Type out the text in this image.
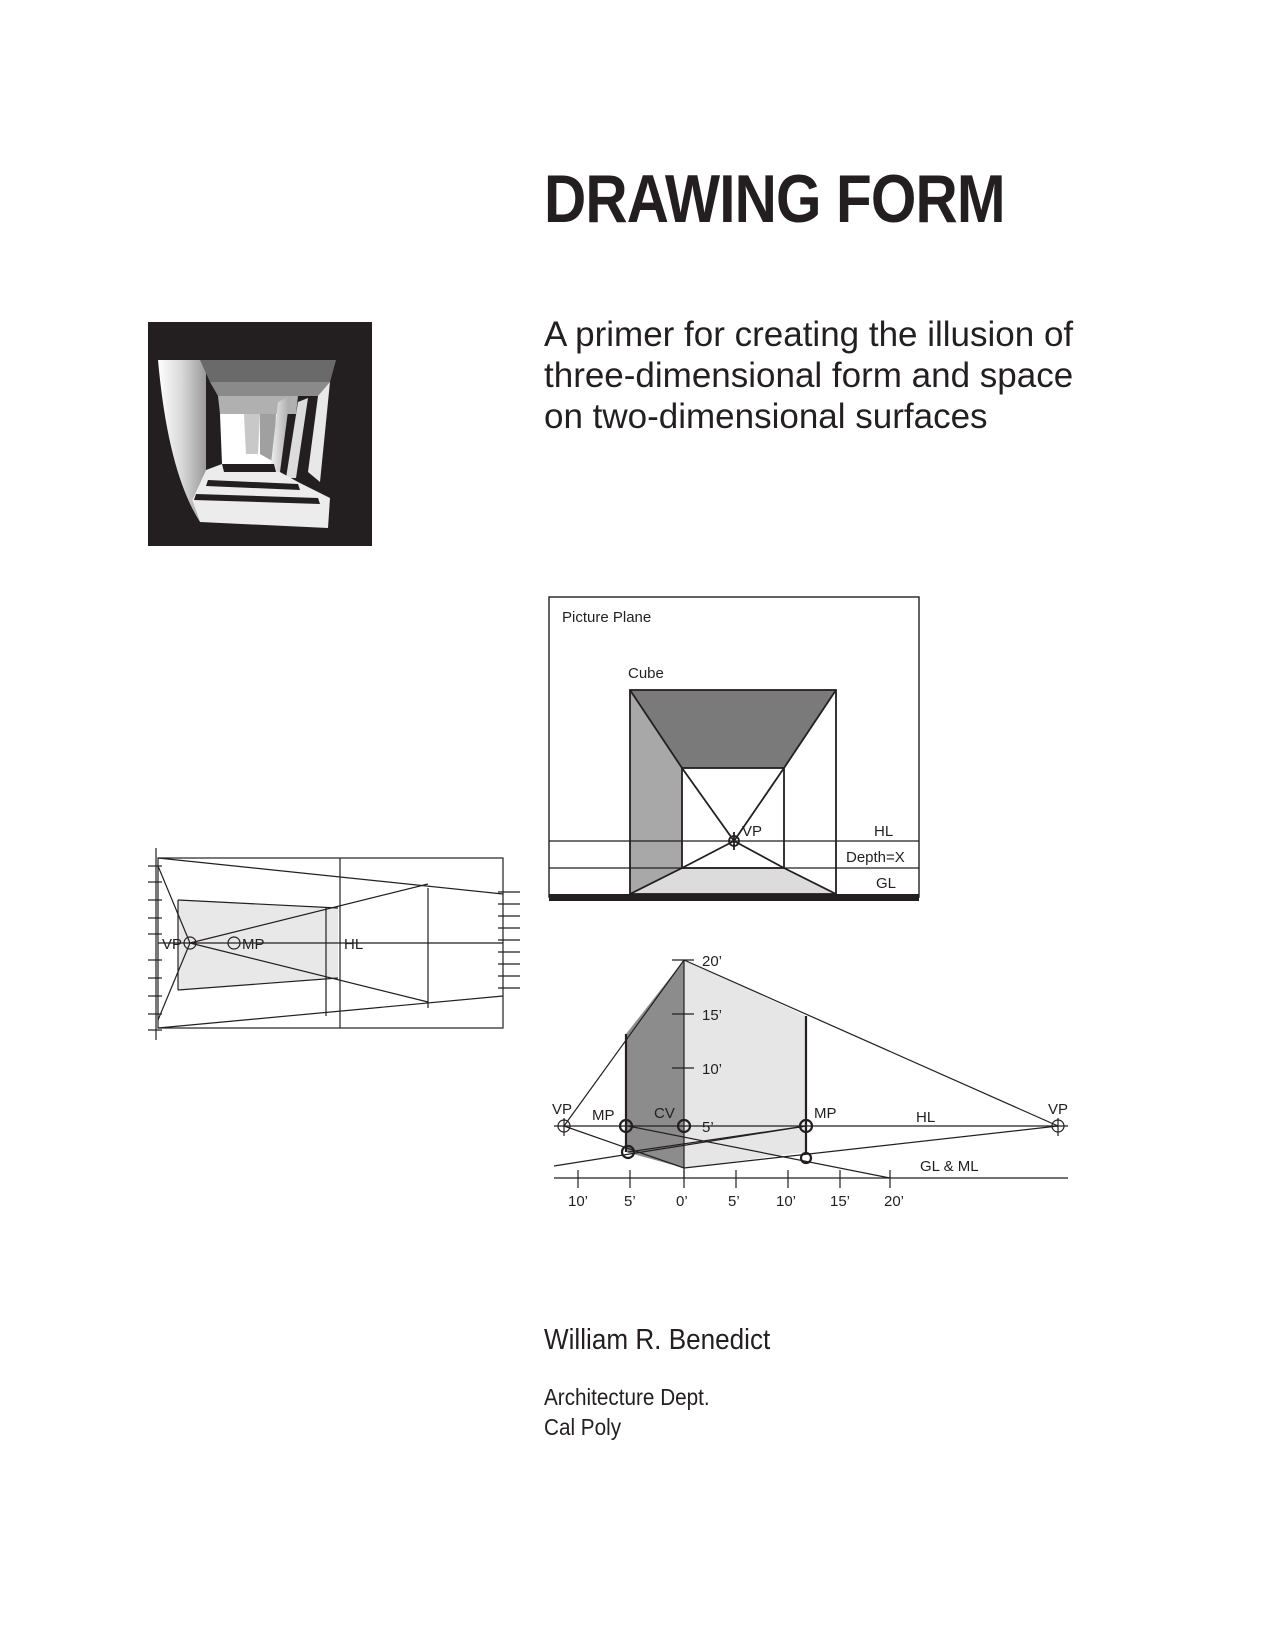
DRAWING FORM
A primer for creating the illusion of
three-dimensional form and space
on two-dimensional surfaces
VP	MP	HL
Picture Plane
Cube
VP	HL
Depth=X
GL
20’
15’
10’
5’
VP MP	CV	MP	HL	VP
GL & ML
10’ 5’	0’	5’ 10’ 15’ 20’
William R. Benedict
Architecture Dept.
Cal Poly
